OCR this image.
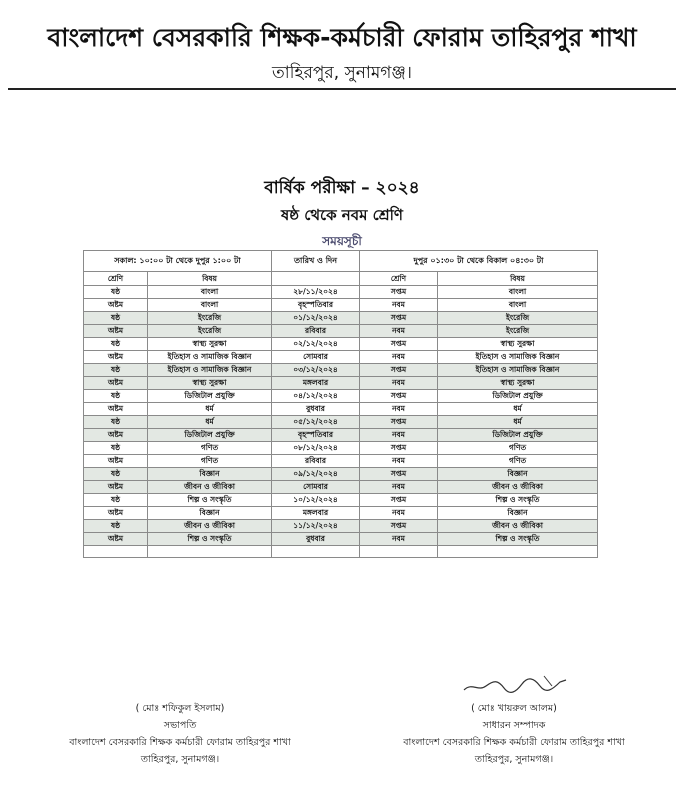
বাংলাদেশ বেসরকারি শিক্ষক-কর্মচারী ফোরাম তাহিরপুর শাখা
তাহিরপুর, সুনামগঞ্জ।
বার্ষিক পরীক্ষা – ২০২৪
ষষ্ঠ থেকে নবম শ্রেণি
সময়সূচী
সকাল: ১০:০০ টা থেকে দুপুর ১:০০ টা		তারিখ ও দিন	দুপুর ০১:৩০ টা থেকে বিকাল ০৪:৩০ টা	
শ্রেণি	বিষয়		শ্রেণি	বিষয়
ষষ্ঠ	বাংলা	২৮/১১/২০২৪	সপ্তম	বাংলা
অষ্টম	বাংলা	বৃহস্পতিবার	নবম	বাংলা
ষষ্ঠ	ইংরেজি	০১/১২/২০২৪	সপ্তম	ইংরেজি
অষ্টম	ইংরেজি	রবিবার	নবম	ইংরেজি
ষষ্ঠ	স্বাস্থ্য সুরক্ষা	০২/১২/২০২৪	সপ্তম	স্বাস্থ্য সুরক্ষা
অষ্টম	ইতিহাস ও সামাজিক বিজ্ঞান	সোমবার	নবম	ইতিহাস ও সামাজিক বিজ্ঞান
ষষ্ঠ	ইতিহাস ও সামাজিক বিজ্ঞান	০৩/১২/২০২৪	সপ্তম	ইতিহাস ও সামাজিক বিজ্ঞান
অষ্টম	স্বাস্থ্য সুরক্ষা	মঙ্গলবার	নবম	স্বাস্থ্য সুরক্ষা
ষষ্ঠ	ডিজিটাল প্রযুক্তি	০৪/১২/২০২৪	সপ্তম	ডিজিটাল প্রযুক্তি
অষ্টম	ধর্ম	বুধবার	নবম	ধর্ম
ষষ্ঠ	ধর্ম	০৫/১২/২০২৪	সপ্তম	ধর্ম
অষ্টম	ডিজিটাল প্রযুক্তি	বৃহস্পতিবার	নবম	ডিজিটাল প্রযুক্তি
ষষ্ঠ	গণিত	০৮/১২/২০২৪	সপ্তম	গণিত
অষ্টম	গণিত	রবিবার	নবম	গণিত
ষষ্ঠ	বিজ্ঞান	০৯/১২/২০২৪	সপ্তম	বিজ্ঞান
অষ্টম	জীবন ও জীবিকা	সোমবার	নবম	জীবন ও জীবিকা
ষষ্ঠ	শিল্প ও সংস্কৃতি	১০/১২/২০২৪	সপ্তম	শিল্প ও সংস্কৃতি
অষ্টম	বিজ্ঞান	মঙ্গলবার	নবম	বিজ্ঞান
ষষ্ঠ	জীবন ও জীবিকা	১১/১২/২০২৪	সপ্তম	জীবন ও জীবিকা
অষ্টম	শিল্প ও সংস্কৃতি	বুধবার	নবম	শিল্প ও সংস্কৃতি

( মোঃ শফিকুল ইসলাম)
সভাপতি
বাংলাদেশ বেসরকারি শিক্ষক কর্মচারী ফোরাম তাহিরপুর শাখা
তাহিরপুর, সুনামগঞ্জ।
( মোঃ খায়রুল আলম)
সাধারন সম্পাদক
বাংলাদেশ বেসরকারি শিক্ষক কর্মচারী ফোরাম তাহিরপুর শাখা
তাহিরপুর, সুনামগঞ্জ।
